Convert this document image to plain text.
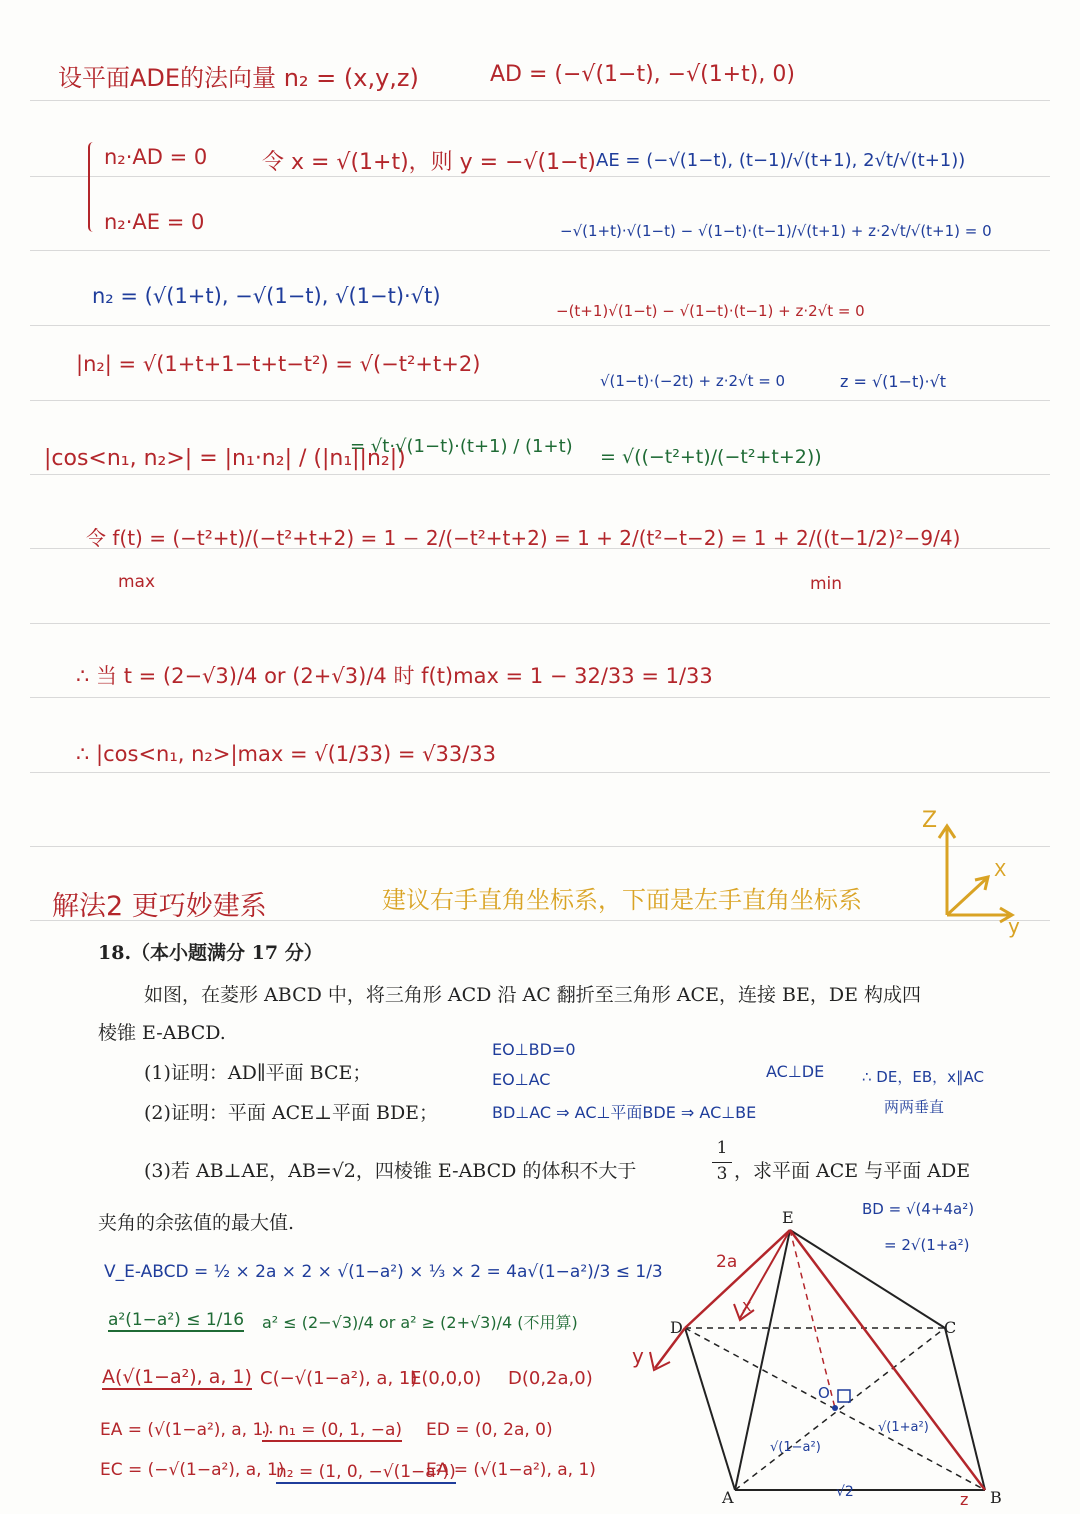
设平面ADE的法向量 n₂ = (x,y,z)	AD = (−√(1−t), −√(1+t), 0)
n₂·AD = 0 令 x = √(1+t)，则 y = −√(1−t) AE = (−√(1−t), (t−1)/√(t+1), 2√t/√(t+1))
n₂·AE = 0	−√(1+t)·√(1−t) − √(1−t)·(t−1)/√(t+1) + z·2√t/√(t+1) = 0
n₂ = (√(1+t), −√(1−t), √(1−t)·√t)
−(t+1)√(1−t) − √(1−t)·(t−1) + z·2√t = 0
|n₂| = √(1+t+1−t+t−t²) = √(−t²+t+2)
√(1−t)·(−2t) + z·2√t = 0	z = √(1−t)·√t
|cos<n₁, n₂>| = |n₁·n₂| / (|n₁||n₂|)
= √t·√(1−t)·(t+1) / (1+t) = √((−t²+t)/(−t²+t+2))
令 f(t) = (−t²+t)/(−t²+t+2) = 1 − 2/(−t²+t+2) = 1 + 2/(t²−t−2) = 1 + 2/((t−1/2)²−9/4)
max	min
∴ 当 t = (2−√3)/4 or (2+√3)/4 时 f(t)max = 1 − 32/33 = 1/33
∴ |cos<n₁, n₂>|max = √(1/33) = √33/33
解法2 更巧妙建系	建议右手直角坐标系，下面是左手直角坐标系
Z
X
y
18.（本小题满分 17 分）
如图，在菱形 ABCD 中，将三角形 ACD 沿 AC 翻折至三角形 ACE，连接 BE，DE 构成四
棱锥 E-ABCD.
(1)证明：AD∥平面 BCE；
(2)证明：平面 ACE⊥平面 BDE；
(3)若 AB⊥AE，AB=√2，四棱锥 E-ABCD 的体积不大于
1
3 ，求平面 ACE 与平面 ADE
夹角的余弦值的最大值.
EO⊥BD=0
EO⊥AC
BD⊥AC ⇒ AC⊥平面BDE ⇒ AC⊥BE
AC⊥DE	∴ DE，EB，x∥AC
两两垂直
BD = √(4+4a²)
= 2√(1+a²)
V_E-ABCD = ½ × 2a × 2 × √(1−a²) × ⅓ × 2 = 4a√(1−a²)/3 ≤ 1/3
a²(1−a²) ≤ 1/16 a² ≤ (2−√3)/4 or a² ≥ (2+√3)/4 (不用算)
A(√(1−a²), a, 1) C(−√(1−a²), a, 1)
E(0,0,0) D(0,2a,0)
EA = (√(1−a²), a, 1)
∴ n₁ = (0, 1, −a) ED = (0, 2a, 0)
EC = (−√(1−a²), a, 1)
n₂ = (1, 0, −√(1−a²))
EA = (√(1−a²), a, 1)
E
A	B
C
D
O
2a
√(1−a²)
√(1+a²)
√2
x
y
z
